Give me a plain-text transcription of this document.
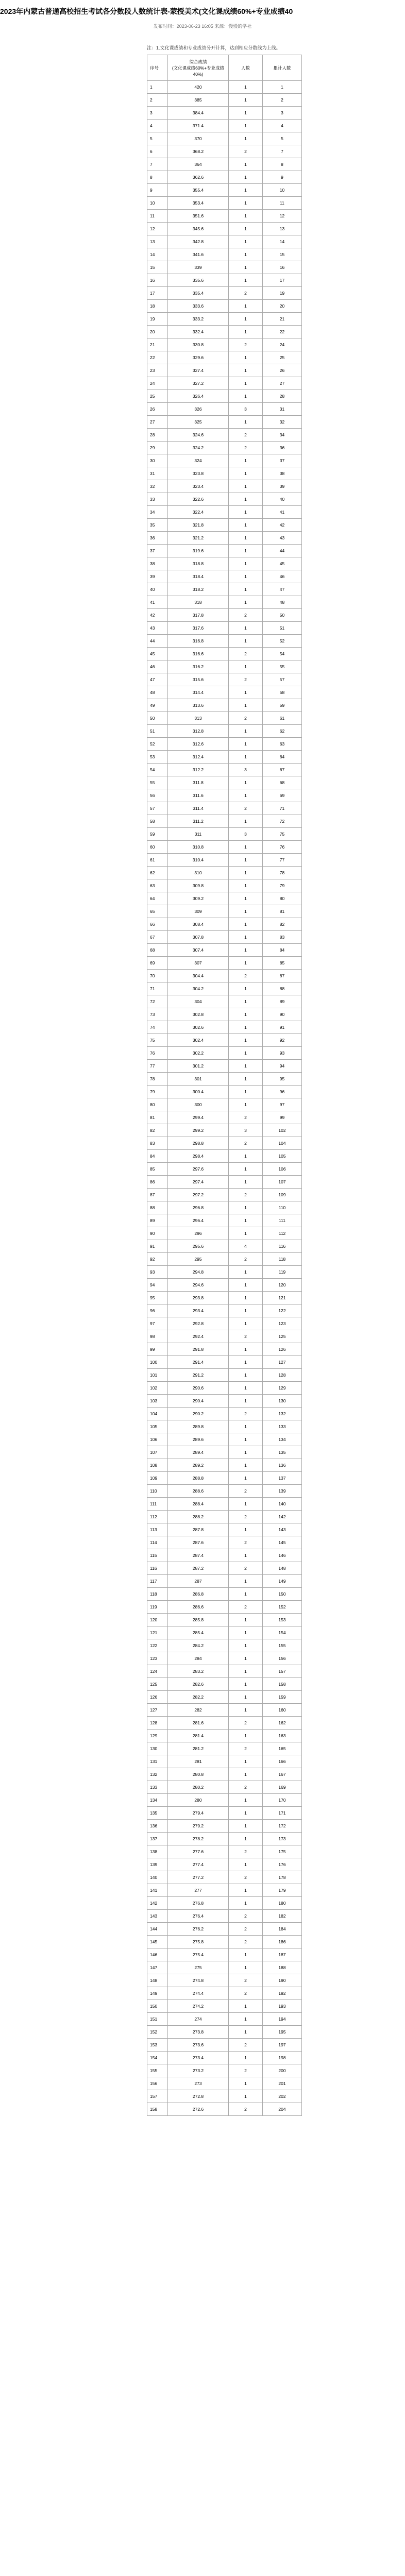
2023年内蒙古普通高校招生考试各分数段人数统计表-蒙授美术(文化课成绩60%+专业成绩40
发布时间：2023-06-23 16:05 来源：慢慢的学社
注：1.文化课成绩和专业成绩分开计算，达到相应分数线为上线。
序号	综合成绩
(文化课成绩60%+专业成绩40%)	人数	累计人数
1	420	1	1
2	385	1	2
3	384.4	1	3
4	371.4	1	4
5	370	1	5
6	368.2	2	7
7	364	1	8
8	362.6	1	9
9	355.4	1	10
10	353.4	1	11
11	351.6	1	12
12	345.6	1	13
13	342.8	1	14
14	341.6	1	15
15	339	1	16
16	335.6	1	17
17	335.4	2	19
18	333.6	1	20
19	333.2	1	21
20	332.4	1	22
21	330.8	2	24
22	329.6	1	25
23	327.4	1	26
24	327.2	1	27
25	326.4	1	28
26	326	3	31
27	325	1	32
28	324.6	2	34
29	324.2	2	36
30	324	1	37
31	323.8	1	38
32	323.4	1	39
33	322.6	1	40
34	322.4	1	41
35	321.8	1	42
36	321.2	1	43
37	319.6	1	44
38	318.8	1	45
39	318.4	1	46
40	318.2	1	47
41	318	1	48
42	317.8	2	50
43	317.6	1	51
44	316.8	1	52
45	316.6	2	54
46	316.2	1	55
47	315.6	2	57
48	314.4	1	58
49	313.6	1	59
50	313	2	61
51	312.8	1	62
52	312.6	1	63
53	312.4	1	64
54	312.2	3	67
55	311.8	1	68
56	311.6	1	69
57	311.4	2	71
58	311.2	1	72
59	311	3	75
60	310.8	1	76
61	310.4	1	77
62	310	1	78
63	309.8	1	79
64	309.2	1	80
65	309	1	81
66	308.4	1	82
67	307.8	1	83
68	307.4	1	84
69	307	1	85
70	304.4	2	87
71	304.2	1	88
72	304	1	89
73	302.8	1	90
74	302.6	1	91
75	302.4	1	92
76	302.2	1	93
77	301.2	1	94
78	301	1	95
79	300.4	1	96
80	300	1	97
81	299.4	2	99
82	299.2	3	102
83	298.8	2	104
84	298.4	1	105
85	297.6	1	106
86	297.4	1	107
87	297.2	2	109
88	296.8	1	110
89	296.4	1	111
90	296	1	112
91	295.6	4	116
92	295	2	118
93	294.8	1	119
94	294.6	1	120
95	293.8	1	121
96	293.4	1	122
97	292.8	1	123
98	292.4	2	125
99	291.8	1	126
100	291.4	1	127
101	291.2	1	128
102	290.6	1	129
103	290.4	1	130
104	290.2	2	132
105	289.8	1	133
106	289.6	1	134
107	289.4	1	135
108	289.2	1	136
109	288.8	1	137
110	288.6	2	139
111	288.4	1	140
112	288.2	2	142
113	287.8	1	143
114	287.6	2	145
115	287.4	1	146
116	287.2	2	148
117	287	1	149
118	286.8	1	150
119	286.6	2	152
120	285.8	1	153
121	285.4	1	154
122	284.2	1	155
123	284	1	156
124	283.2	1	157
125	282.6	1	158
126	282.2	1	159
127	282	1	160
128	281.6	2	162
129	281.4	1	163
130	281.2	2	165
131	281	1	166
132	280.8	1	167
133	280.2	2	169
134	280	1	170
135	279.4	1	171
136	279.2	1	172
137	278.2	1	173
138	277.6	2	175
139	277.4	1	176
140	277.2	2	178
141	277	1	179
142	276.8	1	180
143	276.4	2	182
144	276.2	2	184
145	275.8	2	186
146	275.4	1	187
147	275	1	188
148	274.8	2	190
149	274.4	2	192
150	274.2	1	193
151	274	1	194
152	273.8	1	195
153	273.6	2	197
154	273.4	1	198
155	273.2	2	200
156	273	1	201
157	272.8	1	202
158	272.6	2	204
